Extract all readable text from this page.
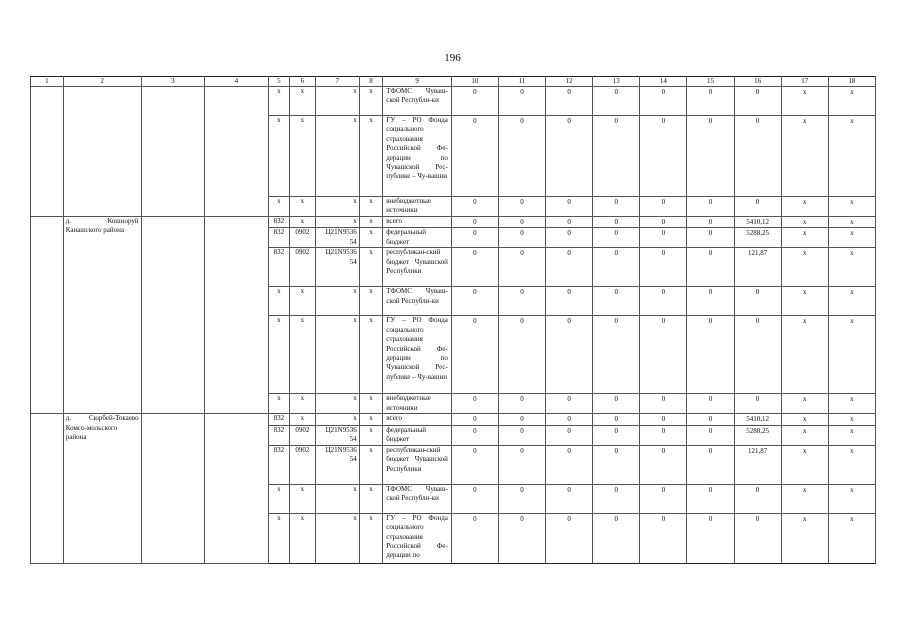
196
1	2	3	4	5	6	7	8	9	10	11	12	13	14	15	16	17	18
				x	x	x	x	ТФОМС Чуваш-ской Республи-ки	0	0	0	0	0	0	0	x	x
				x	x	x	x	ГУ – РО Фонда социального страхования Российской Фе-дерации по Чувашской Рес-публике – Чу-вашии	0	0	0	0	0	0	0	x	x
				x	x	x	x	внебюджетные источники	0	0	0	0	0	0	0	x	x
	д. Кошноруй Канашского района			832	x	x	x	всего	0	0	0	0	0	0	5410,12	x	x
				832	0902	Ц21N9536 54	x	федеральный бюджет	0	0	0	0	0	0	5288,25	x	x
				832	0902	Ц21N9536 54	x	республикан-ский бюджет Чувашской Республики	0	0	0	0	0	0	121,87	x	x
				x	x	x	x	ТФОМС Чуваш-ской Республи-ки	0	0	0	0	0	0	0	x	x
				x	x	x	x	ГУ – РО Фонда социального страхования Российской Фе-дерации по Чувашской Рес-публике – Чу-вашии	0	0	0	0	0	0	0	x	x
				x	x	x	x	внебюджетные источники	0	0	0	0	0	0	0	x	x
	д. Сюрбей-Токаево Комсо-мольского района			832	x	x	x	всего	0	0	0	0	0	0	5410,12	x	x
				832	0902	Ц21N9536 54	x	федеральный бюджет	0	0	0	0	0	0	5288,25	x	x
				832	0902	Ц21N9536 54	x	республикан-ский бюджет Чувашской Республики	0	0	0	0	0	0	121,87	x	x
				x	x	x	x	ТФОМС Чуваш-ской Республи-ки	0	0	0	0	0	0	0	x	x
				x	x	x	x	ГУ – РО Фонда социального страхования Российской Фе-дерации по	0	0	0	0	0	0	0	x	x
